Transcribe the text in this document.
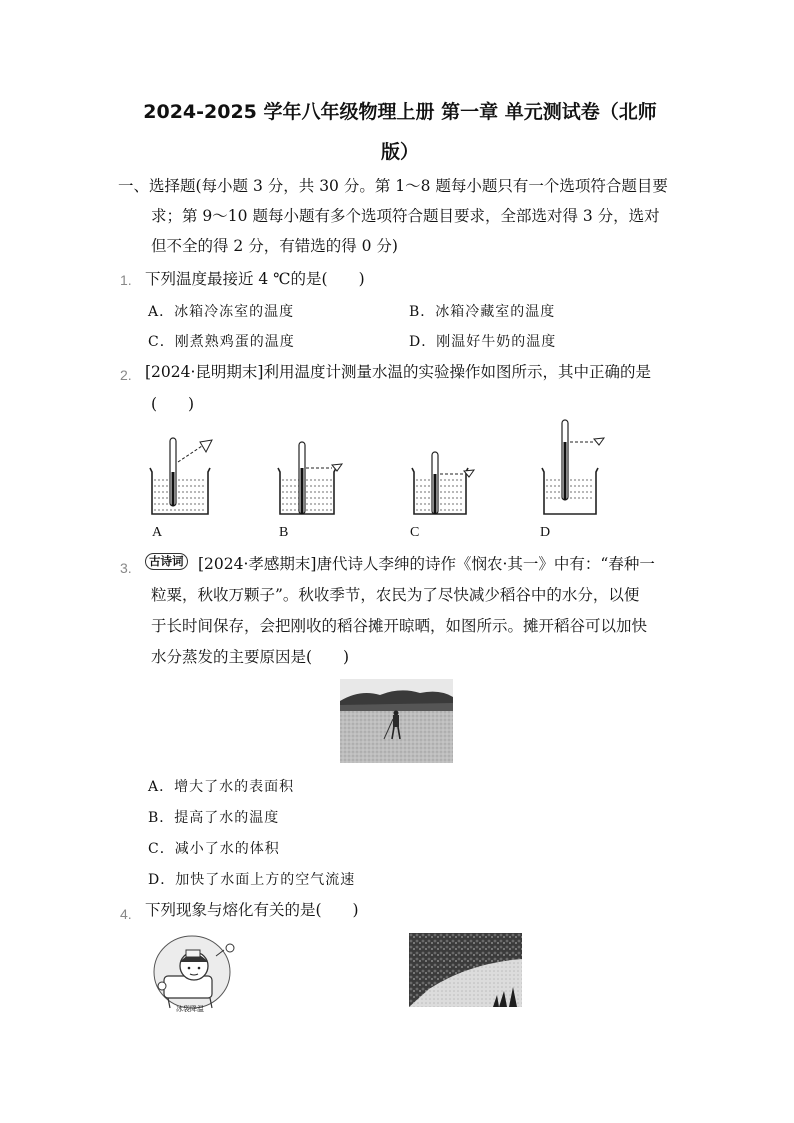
2024-2025 学年八年级物理上册 第一章 单元测试卷（北师
版）
一、选择题(每小题 3 分，共 30 分。第 1～8 题每小题只有一个选项符合题目要
求；第 9～10 题每小题有多个选项符合题目要求，全部选对得 3 分，选对
但不全的得 2 分，有错选的得 0 分)
1. 下列温度最接近 4 ℃的是(　　)
A．冰箱冷冻室的温度	B．冰箱冷藏室的温度
C．刚煮熟鸡蛋的温度	D．刚温好牛奶的温度
2. [2024·昆明期末]利用温度计测量水温的实验操作如图所示，其中正确的是
(　　)
A	B	C	D
3.	古诗词 [2024·孝感期末]唐代诗人李绅的诗作《悯农·其一》中有：“春种一
粒粟，秋收万颗子”。秋收季节，农民为了尽快减少稻谷中的水分，以便
于长时间保存，会把刚收的稻谷摊开晾晒，如图所示。摊开稻谷可以加快
水分蒸发的主要原因是(　　)
A．增大了水的表面积
B．提高了水的温度
C．减小了水的体积
D．加快了水面上方的空气流速
4. 下列现象与熔化有关的是(　　)
冰袋降温
